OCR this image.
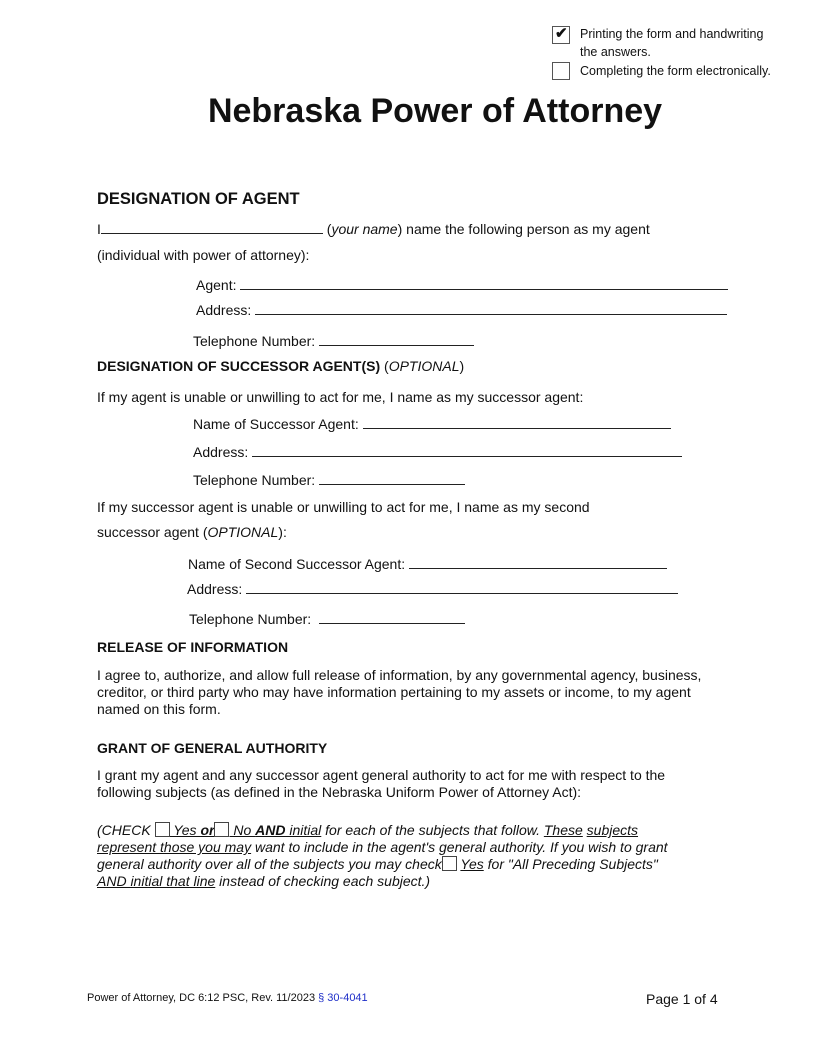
✔ Printing the form and handwriting
the answers.
Completing the form electronically.
Nebraska Power of Attorney
DESIGNATION OF AGENT
I	(your name) name the following person as my agent
(individual with power of attorney):
Agent:
Address:
Telephone Number:
DESIGNATION OF SUCCESSOR AGENT(S) (OPTIONAL)
If my agent is unable or unwilling to act for me, I name as my successor agent:
Name of Successor Agent:
Address:
Telephone Number:
If my successor agent is unable or unwilling to act for me, I name as my second
successor agent (OPTIONAL):
Name of Second Successor Agent:
Address:
Telephone Number:
RELEASE OF INFORMATION
I agree to, authorize, and allow full release of information, by any governmental agency, business, creditor, or third party who may have information pertaining to my assets or income, to my agent named on this form.
GRANT OF GENERAL AUTHORITY
I grant my agent and any successor agent general authority to act for me with respect to the following subjects (as defined in the Nebraska Uniform Power of Attorney Act):
(CHECK  Yes or No AND initial for each of the subjects that follow. These subjects
represent those you may want to include in the agent's general authority. If you wish to grant
general authority over all of the subjects you may check Yes for "All Preceding Subjects"
AND initial that line instead of checking each subject.)
Power of Attorney, DC 6:12 PSC, Rev. 11/2023 § 30-4041	Page 1 of 4
